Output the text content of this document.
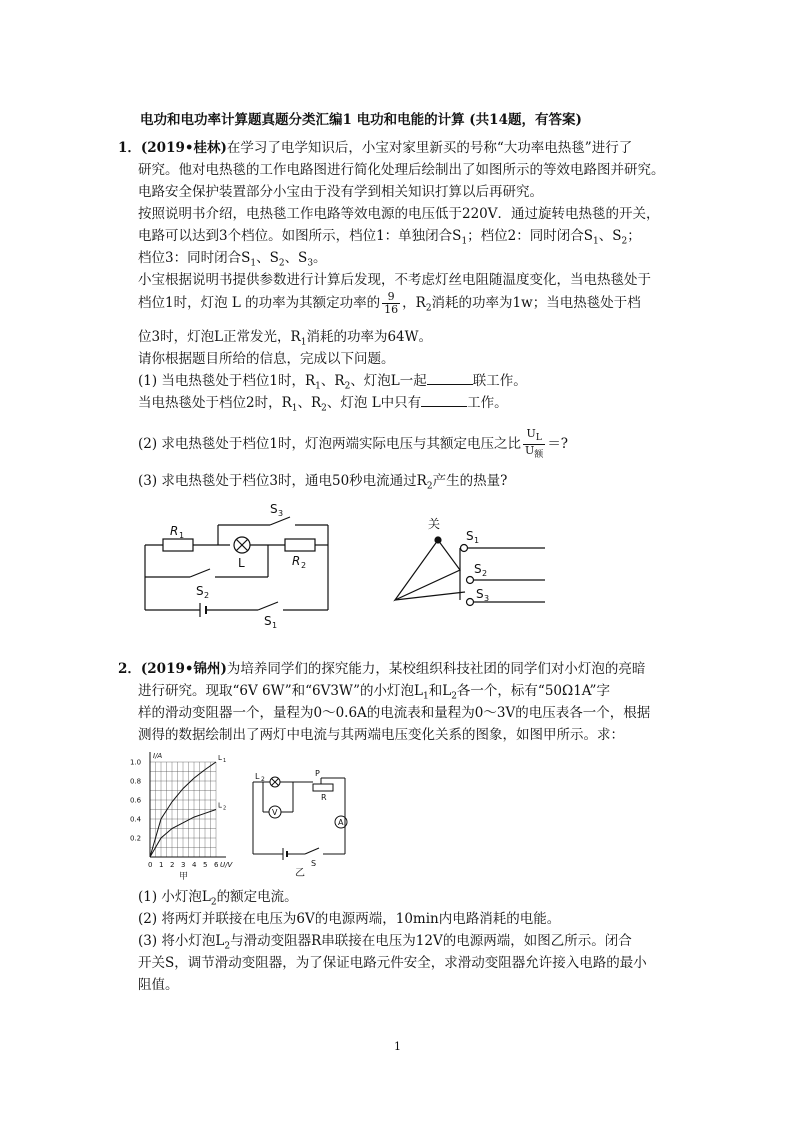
电功和电功率计算题真题分类汇编1 电功和电能的计算 (共14题，有答案)
1．(2019•桂林)在学习了电学知识后，小宝对家里新买的号称“大功率电热毯”进行了
研究。他对电热毯的工作电路图进行简化处理后绘制出了如图所示的等效电路图并研究。
电路安全保护装置部分小宝由于没有学到相关知识打算以后再研究。
按照说明书介绍，电热毯工作电路等效电源的电压低于220V．通过旋转电热毯的开关，
电路可以达到3个档位。如图所示，档位1：单独闭合$S_1$；档位2：同时闭合$S_1$、$S_2$；
档位3：同时闭合$S_1$、$S_2$、$S_3$。
小宝根据说明书提供参数进行计算后发现，不考虑灯丝电阻随温度变化，当电热毯处于
档位1时，灯泡 L 的功率为其额定功率的 $\frac{9}{16}$ ，$R_2$消耗的功率为1w；当电热毯处于档
位3时，灯泡L正常发光，$R_1$消耗的功率为64W。
请你根据题目所给的信息，完成以下问题。
(1) 当电热毯处于档位1时，$R_1$、$R_2$、灯泡L一起	联工作。
当电热毯处于档位2时，$R_1$、$R_2$、灯泡 L中只有	工作。
(2) 求电热毯处于档位1时，灯泡两端实际电压与其额定电压之比 $\frac{U_L}{U_额}$ ＝?
(3) 求电热毯处于档位3时，通电50秒电流通过$R_2$产生的热量?
R 1
S 3
L	R 2
S 2
S 1
关
S 1
S 2
S 3
2．(2019•锦州)为培养同学们的探究能力，某校组织科技社团的同学们对小灯泡的亮暗
进行研究。现取“6V 6W”和“6V3W”的小灯泡$L_1$和$L_2$各一个，标有“50Ω1A”字
样的滑动变阻器一个，量程为0～0.6A的电流表和量程为0～3V的电压表各一个，根据
测得的数据绘制出了两灯中电流与其两端电压变化关系的图象，如图甲所示。求：
0 1 2 3 4 5 6
0.2
0.4
0.6
0.8
1.0
U/V
I/A	L 1
L 2
甲
L 2
P
R
V
A
S
乙
(1) 小灯泡$L_2$的额定电流。
(2) 将两灯并联接在电压为6V的电源两端，10min内电路消耗的电能。
(3) 将小灯泡$L_2$与滑动变阻器R串联接在电压为12V的电源两端，如图乙所示。闭合
开关S，调节滑动变阻器，为了保证电路元件安全，求滑动变阻器允许接入电路的最小
阻值。
1
